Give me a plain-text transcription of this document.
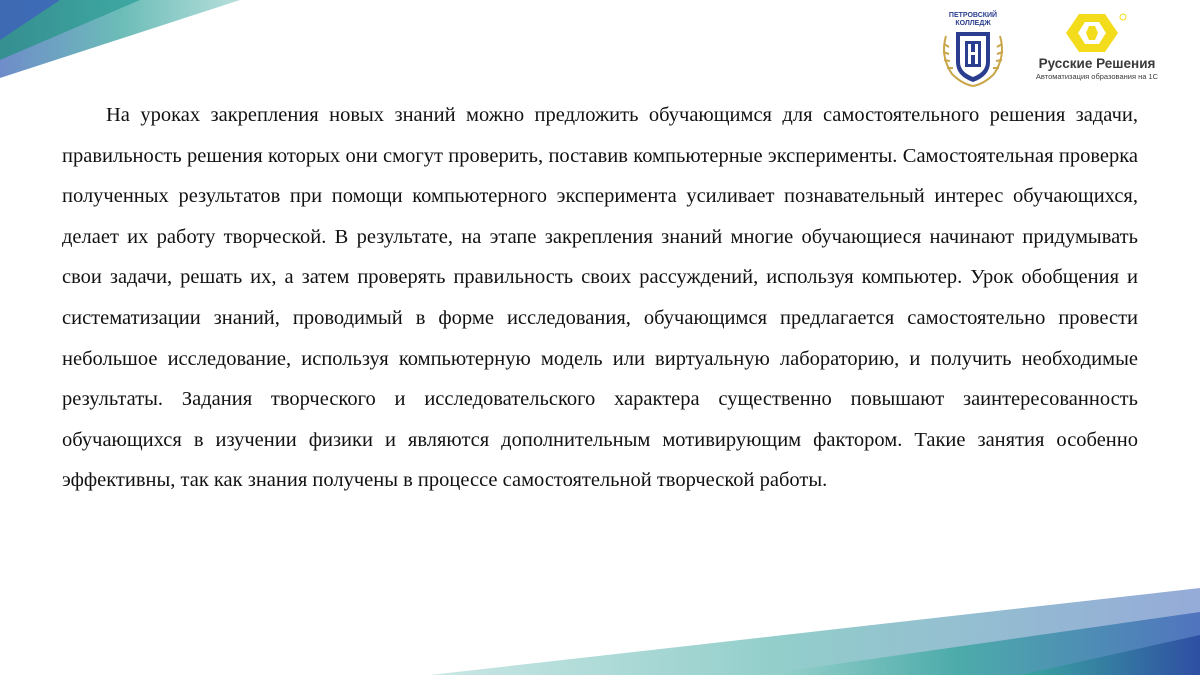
ПЕТРОВСКИЙ
КОЛЛЕДЖ
Русские Решения
Автоматизация образования на 1С

На уроках закрепления новых знаний можно предложить обучающимся для самостоятельного решения задачи, правильность решения которых они смогут проверить, поставив компьютерные эксперименты. Самостоятельная проверка полученных результатов при помощи компьютерного эксперимента усиливает познавательный интерес обучающихся, делает их работу творческой. В результате, на этапе закрепления знаний многие обучающиеся начинают придумывать свои задачи, решать их, а затем проверять правильность своих рассуждений, используя компьютер. Урок обобщения и систематизации знаний, проводимый в форме исследования, обучающимся предлагается самостоятельно провести небольшое исследование, используя компьютерную модель или виртуальную лабораторию, и получить необходимые результаты. Задания творческого и исследовательского характера существенно повышают заинтересованность обучающихся в изучении физики и являются дополнительным мотивирующим фактором. Такие занятия особенно эффективны, так как знания получены в процессе самостоятельной творческой работы.
